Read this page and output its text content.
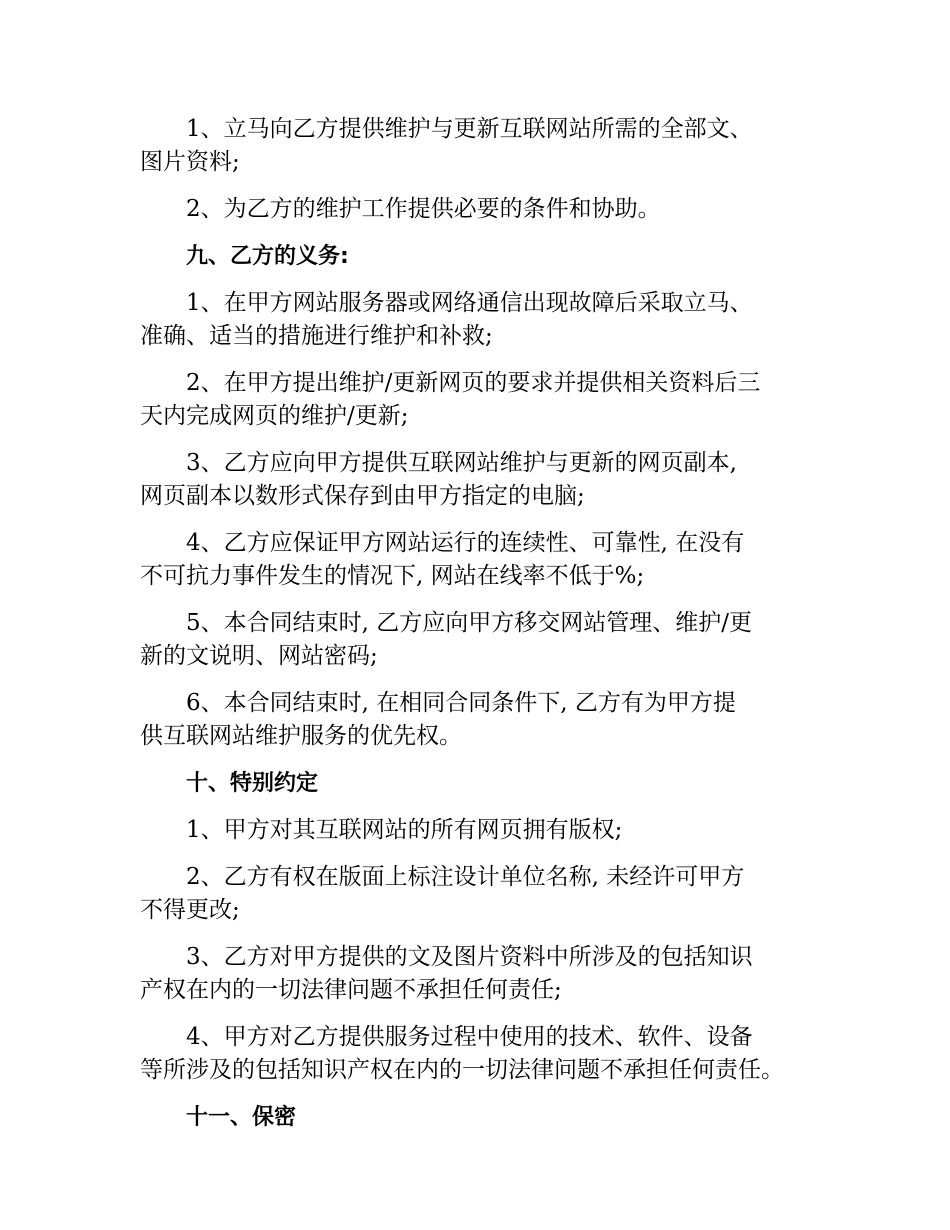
1、立马向乙方提供维护与更新互联网站所需的全部文、
图片资料;

2、为乙方的维护工作提供必要的条件和协助。

九、乙方的义务:

1、在甲方网站服务器或网络通信出现故障后采取立马、
准确、适当的措施进行维护和补救;

2、在甲方提出维护/更新网页的要求并提供相关资料后三
天内完成网页的维护/更新;

3、乙方应向甲方提供互联网站维护与更新的网页副本,
网页副本以数形式保存到由甲方指定的电脑;

4、乙方应保证甲方网站运行的连续性、可靠性, 在没有
不可抗力事件发生的情况下, 网站在线率不低于%;

5、本合同结束时, 乙方应向甲方移交网站管理、维护/更
新的文说明、网站密码;

6、本合同结束时, 在相同合同条件下, 乙方有为甲方提
供互联网站维护服务的优先权。

十、特别约定

1、甲方对其互联网站的所有网页拥有版权;

2、乙方有权在版面上标注设计单位名称, 未经许可甲方
不得更改;

3、乙方对甲方提供的文及图片资料中所涉及的包括知识
产权在内的一切法律问题不承担任何责任;

4、甲方对乙方提供服务过程中使用的技术、软件、设备
等所涉及的包括知识产权在内的一切法律问题不承担任何责任。

十一、保密
